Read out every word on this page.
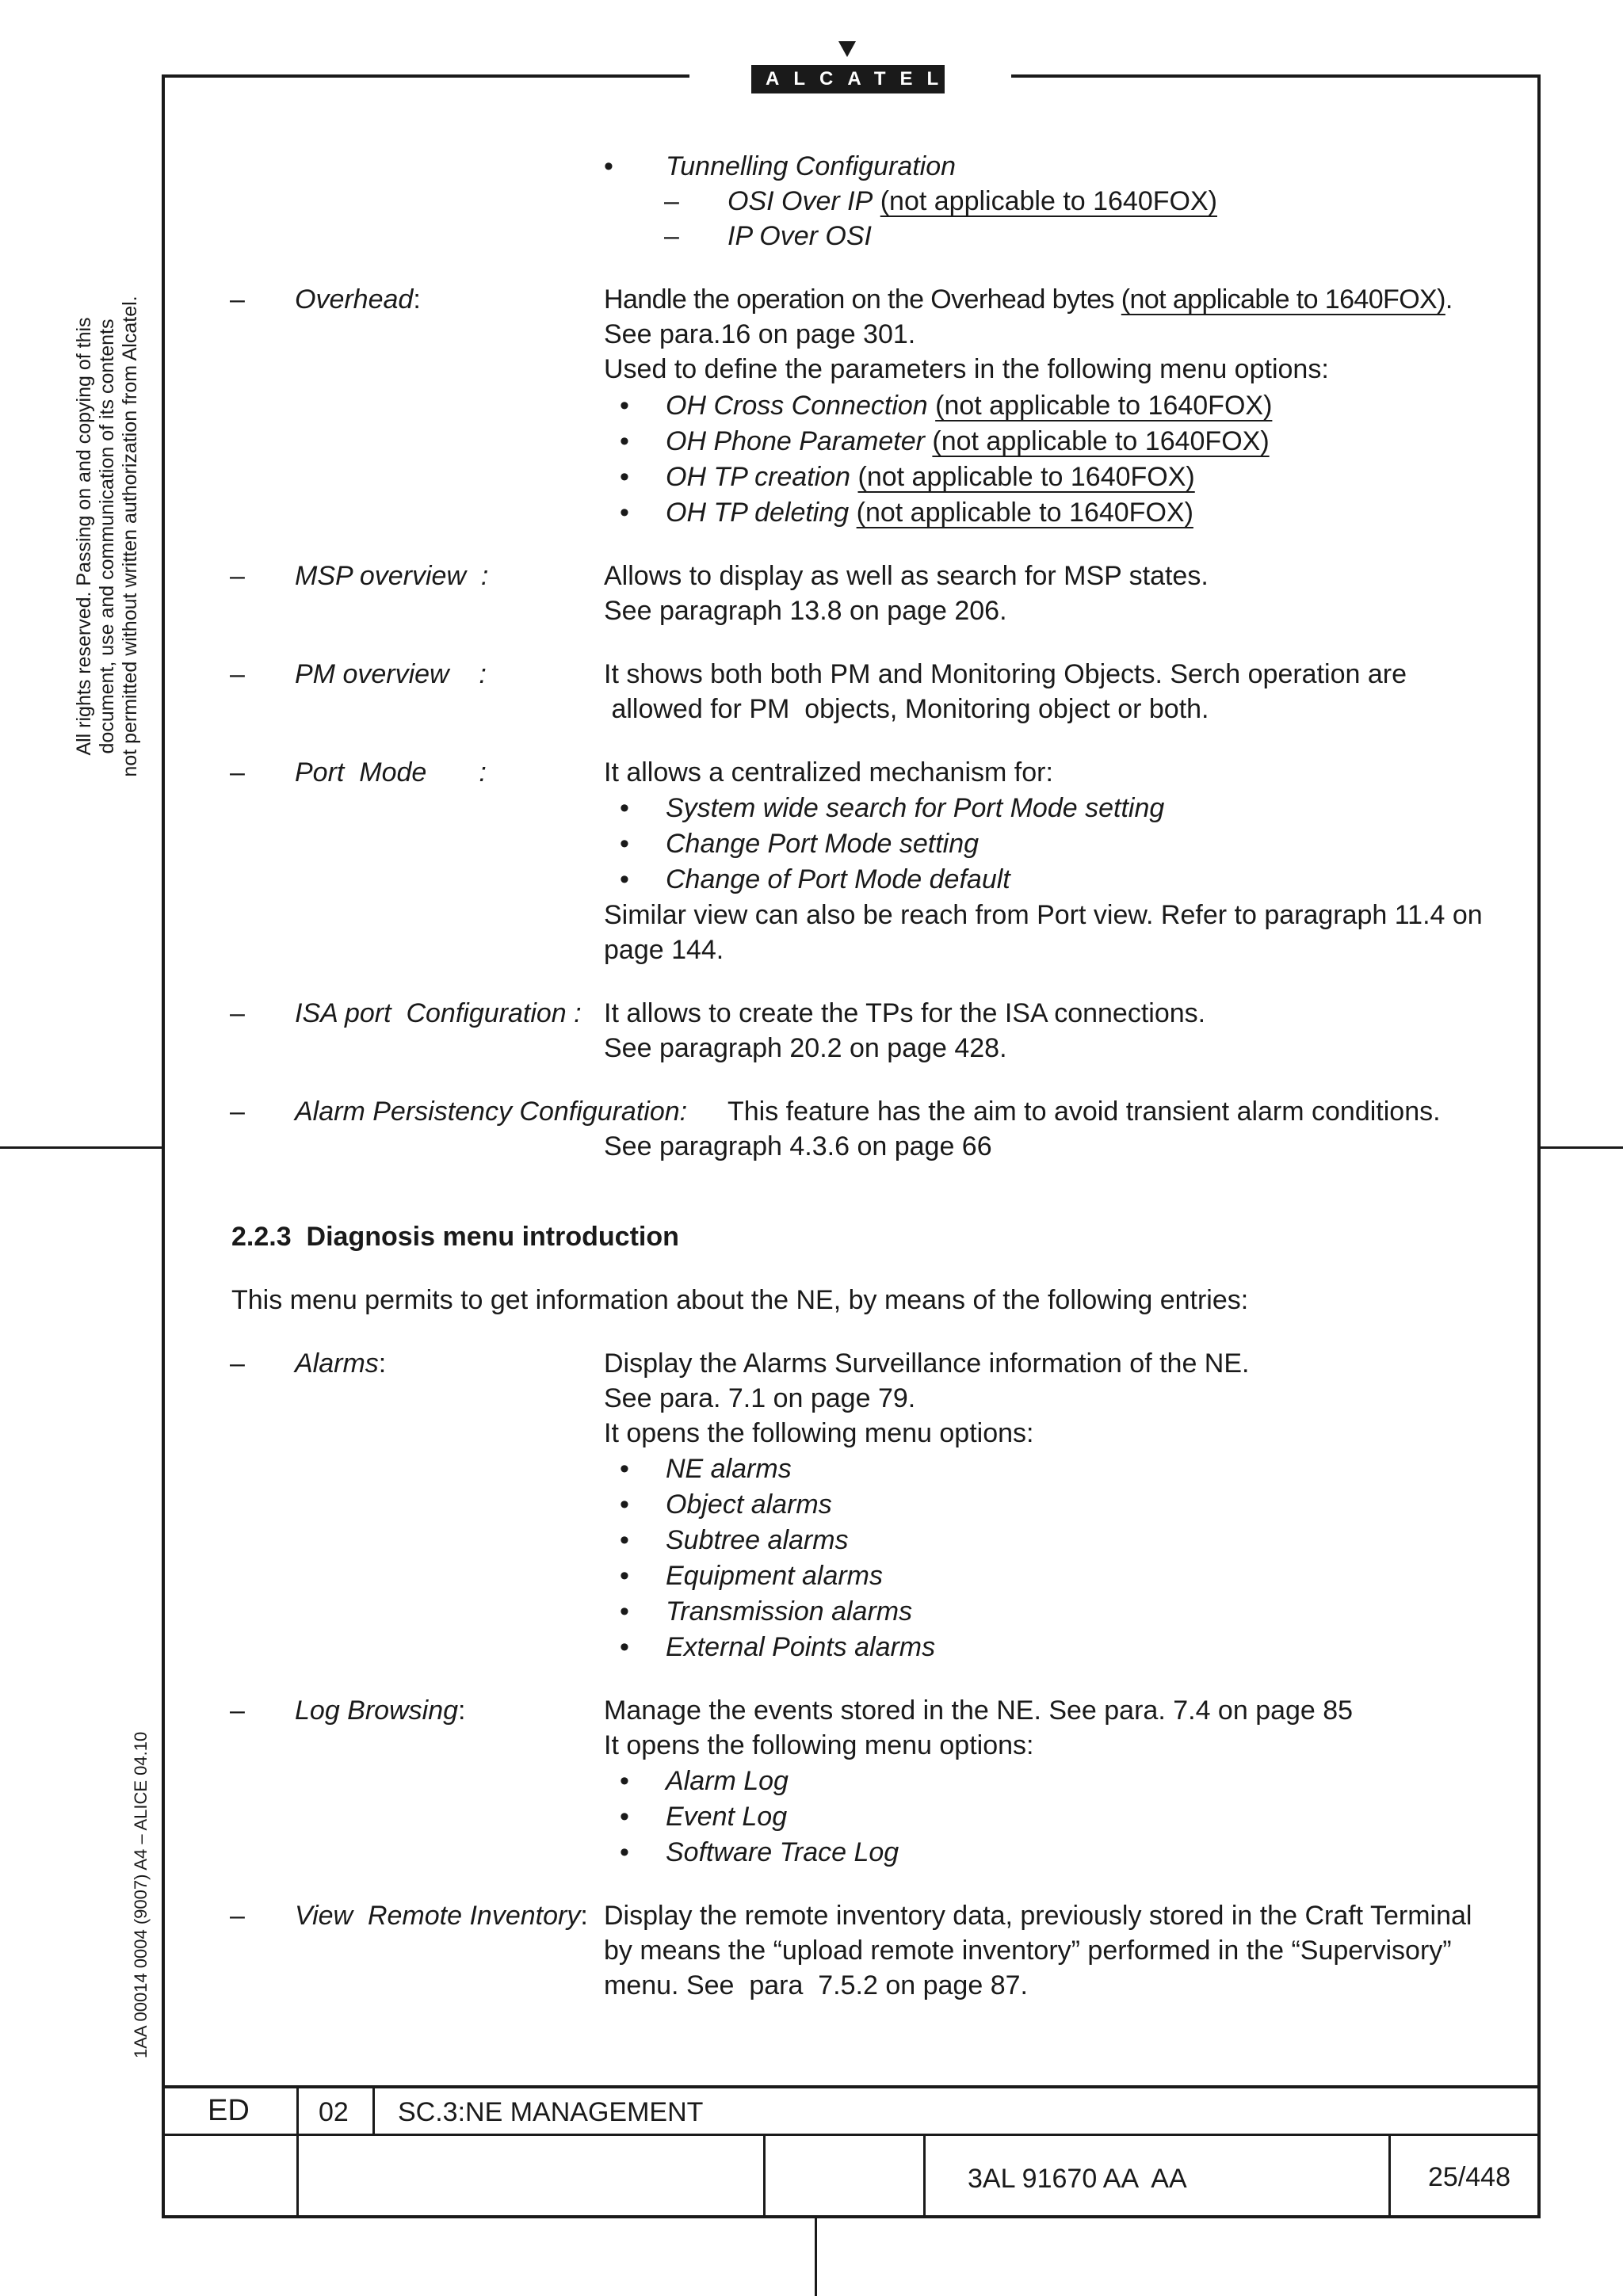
ALCATEL
All rights reserved. Passing on and copying of this document, use and communication of its contents not permitted without written authorization from Alcatel.
1AA 00014 0004 (9007) A4 – ALICE 04.10
• Tunnelling Configuration
– OSI Over IP (not applicable to 1640FOX)
– IP Over OSI
– Overhead:	Handle the operation on the Overhead bytes (not applicable to 1640FOX).
See para.16 on page 301.
Used to define the parameters in the following menu options:
• OH Cross Connection (not applicable to 1640FOX)
• OH Phone Parameter (not applicable to 1640FOX)
• OH TP creation (not applicable to 1640FOX)
• OH TP deleting (not applicable to 1640FOX)
– MSP overview  :	Allows to display as well as search for MSP states.
See paragraph 13.8 on page 206.
– PM overview    :	It shows both both PM and Monitoring Objects. Serch operation are
allowed for PM  objects, Monitoring object or both.
– Port  Mode       :	It allows a centralized mechanism for:
• System wide search for Port Mode setting
• Change Port Mode setting
• Change of Port Mode default
Similar view can also be reach from Port view. Refer to paragraph 11.4 on
page 144.
– ISA port  Configuration : It allows to create the TPs for the ISA connections.
See paragraph 20.2 on page 428.
– Alarm Persistency Configuration: This feature has the aim to avoid transient alarm conditions.
See paragraph 4.3.6 on page 66
2.2.3 Diagnosis menu introduction
This menu permits to get information about the NE, by means of the following entries:
– Alarms:	Display the Alarms Surveillance information of the NE.
See para. 7.1 on page 79.
It opens the following menu options:
• NE alarms
• Object alarms
• Subtree alarms
• Equipment alarms
• Transmission alarms
• External Points alarms
– Log Browsing:	Manage the events stored in the NE. See para. 7.4 on page 85
It opens the following menu options:
• Alarm Log
• Event Log
• Software Trace Log
– View  Remote Inventory: Display the remote inventory data, previously stored in the Craft Terminal
by means the “upload remote inventory” performed in the “Supervisory”
menu. See  para  7.5.2 on page 87.
ED	02 SC.3:NE MANAGEMENT
3AL 91670 AA  AA	25/448
